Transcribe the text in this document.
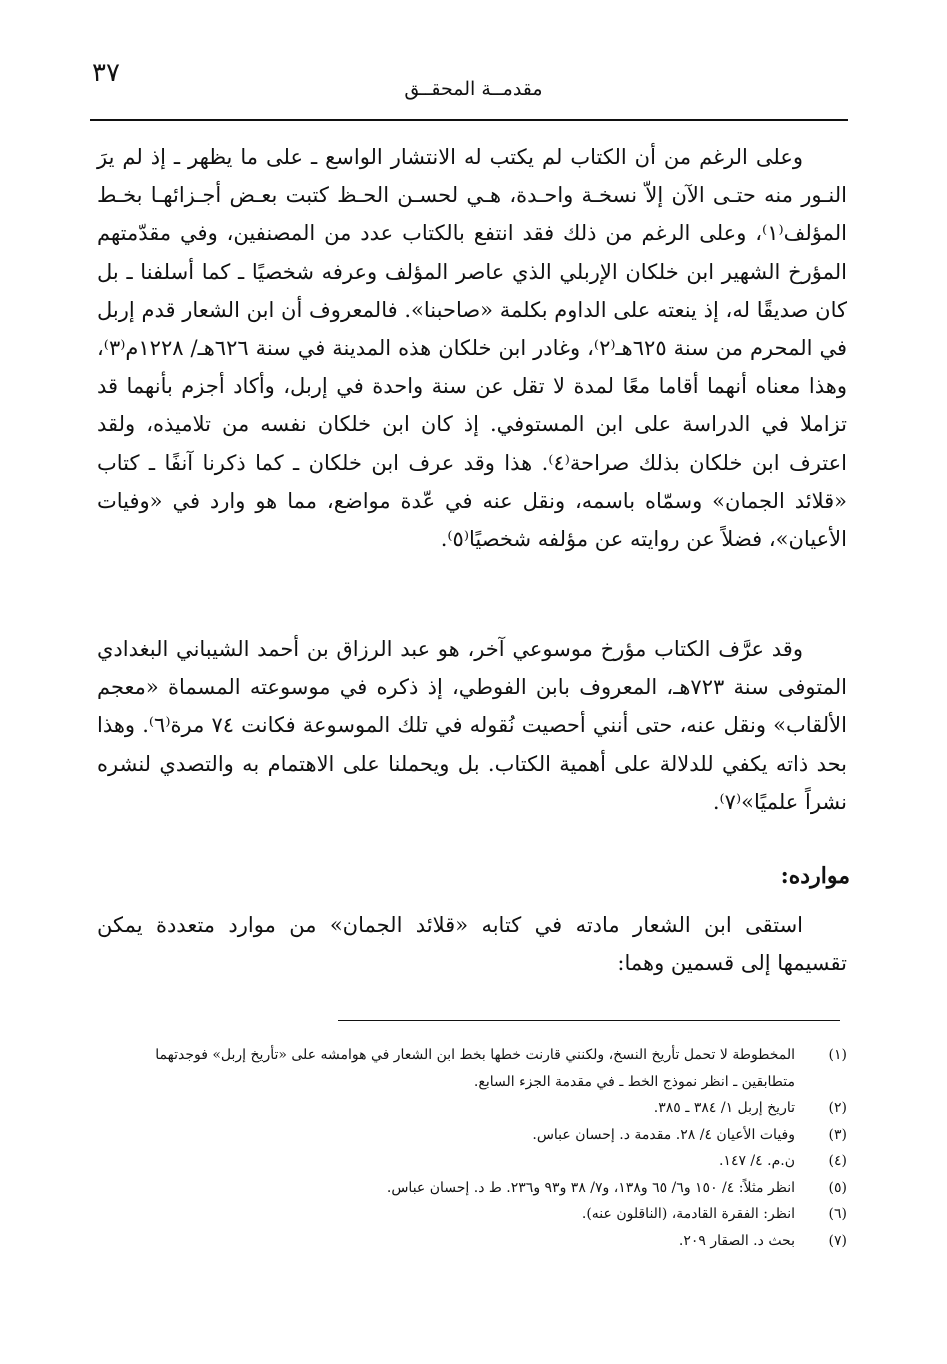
٣٧
مقدمــة المحقــق

وعلى الرغم من أن الكتاب لم يكتب له الانتشار الواسع ـ على ما يظهر ـ إذ لم يرَ النـور منه حتـى الآن إلاّ نسخـة واحـدة، هـي لحسـن الحـظ كتبت بعـض أجـزائهـا بخـط المؤلف⁽١⁾، وعلى الرغم من ذلك فقد انتفع بالكتاب عدد من المصنفين، وفي مقدّمتهم المؤرخ الشهير ابن خلكان الإربلي الذي عاصر المؤلف وعرفه شخصيًا ـ كما أسلفنا ـ بل كان صديقًا له، إذ ينعته على الداوم بكلمة «صاحبنا». فالمعروف أن ابن الشعار قدم إربل في المحرم من سنة ٦٢٥هـ⁽٢⁾، وغادر ابن خلكان هذه المدينة في سنة ٦٢٦هـ/ ١٢٢٨م⁽٣⁾، وهذا معناه أنهما أقاما معًا لمدة لا تقل عن سنة واحدة في إربل، وأكاد أجزم بأنهما قد تزاملا في الدراسة على ابن المستوفي. إذ كان ابن خلكان نفسه من تلاميذه، ولقد اعترف ابن خلكان بذلك صراحة⁽٤⁾. هذا وقد عرف ابن خلكان ـ كما ذكرنا آنفًا ـ كتاب «قلائد الجمان» وسمّاه باسمه، ونقل عنه في عّدة مواضع، مما هو وارد في «وفيات الأعيان»، فضلاً عن روايته عن مؤلفه شخصيًا⁽٥⁾.

وقد عرَّف الكتاب مؤرخ موسوعي آخر، هو عبد الرزاق بن أحمد الشيباني البغدادي المتوفى سنة ٧٢٣هـ، المعروف بابن الفوطي، إذ ذكره في موسوعته المسماة «معجم الألقاب» ونقل عنه، حتى أنني أحصيت نُقوله في تلك الموسوعة فكانت ٧٤ مرة⁽٦⁾. وهذا بحد ذاته يكفي للدلالة على أهمية الكتاب. بل ويحملنا على الاهتمام به والتصدي لنشره نشراً علميًا»⁽٧⁾.

موارده:

استقى ابن الشعار مادته في كتابه «قلائد الجمان» من موارد متعددة يمكن تقسيمها إلى قسمين وهما:

(١)
المخطوطة لا تحمل تأريخ النسخ، ولكنني قارنت خطها بخط ابن الشعار في هوامشه على «تأريخ إربل» فوجدتهما متطابقين ـ انظر نموذج الخط ـ في مقدمة الجزء السابع.
(٢)
تاريخ إربل ١/ ٣٨٤ ـ ٣٨٥.
(٣)
وفيات الأعيان ٤/ ٢٨. مقدمة د. إحسان عباس.
(٤)
ن.م. ٤/ ١٤٧.
(٥)
انظر مثلاً: ٤/ ١٥٠ و٦/ ٦٥ و١٣٨، و٧/ ٣٨ و٩٣ و٢٣٦. ط د. إحسان عباس.
(٦)
انظر: الفقرة القادمة، (الناقلون عنه).
(٧)
بحث د. الصقار ٢٠٩.
